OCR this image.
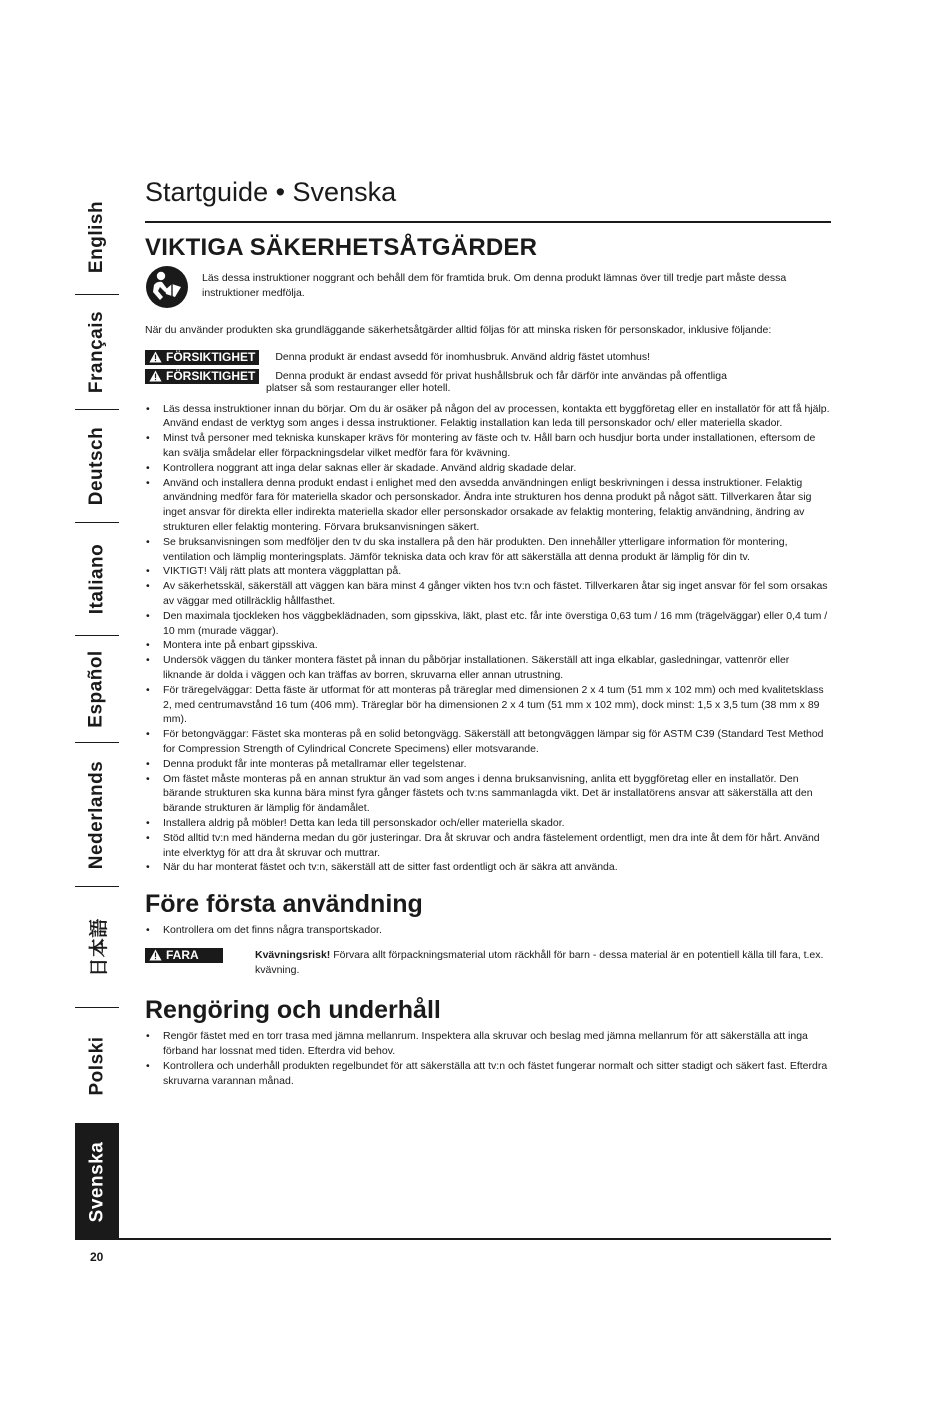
English
Français
Deutsch
Italiano
Español
Nederlands
日本語
Polski
Svenska
20
Startguide • Svenska
VIKTIGA SÄKERHETSÅTGÄRDER

Läs dessa instruktioner noggrant och behåll dem för framtida bruk. Om denna produkt lämnas över till tredje part måste dessa instruktioner medfölja.

När du använder produkten ska grundläggande säkerhetsåtgärder alltid följas för att minska risken för personskador, inklusive följande:

FÖRSIKTIGHET Denna produkt är endast avsedd för inomhusbruk. Använd aldrig fästet utomhus!
FÖRSIKTIGHET Denna produkt är endast avsedd för privat hushållsbruk och får därför inte användas på offentliga
platser så som restauranger eller hotell.
• Läs dessa instruktioner innan du börjar. Om du är osäker på någon del av processen, kontakta ett byggföretag eller en installatör för att få hjälp. Använd endast de verktyg som anges i dessa instruktioner. Felaktig installation kan leda till personskador och/ eller materiella skador.
• Minst två personer med tekniska kunskaper krävs för montering av fäste och tv. Håll barn och husdjur borta under installationen, eftersom de kan svälja smådelar eller förpackningsdelar vilket medför fara för kvävning.
• Kontrollera noggrant att inga delar saknas eller är skadade. Använd aldrig skadade delar.
• Använd och installera denna produkt endast i enlighet med den avsedda användningen enligt beskrivningen i dessa instruktioner. Felaktig användning medför fara för materiella skador och personskador. Ändra inte strukturen hos denna produkt på något sätt. Tillverkaren åtar sig inget ansvar för direkta eller indirekta materiella skador eller personskador orsakade av felaktig montering, felaktig användning, ändring av strukturen eller felaktig montering. Förvara bruksanvisningen säkert.
• Se bruksanvisningen som medföljer den tv du ska installera på den här produkten. Den innehåller ytterligare information för montering, ventilation och lämplig monteringsplats. Jämför tekniska data och krav för att säkerställa att denna produkt är lämplig för din tv.
• VIKTIGT! Välj rätt plats att montera väggplattan på.
• Av säkerhetsskäl, säkerställ att väggen kan bära minst 4 gånger vikten hos tv:n och fästet. Tillverkaren åtar sig inget ansvar för fel som orsakas av väggar med otillräcklig hållfasthet.
• Den maximala tjockleken hos väggbeklädnaden, som gipsskiva, läkt, plast etc. får inte överstiga 0,63 tum / 16 mm (trägelväggar) eller 0,4 tum / 10 mm (murade väggar).
• Montera inte på enbart gipsskiva.
• Undersök väggen du tänker montera fästet på innan du påbörjar installationen. Säkerställ att inga elkablar, gasledningar, vattenrör eller liknande är dolda i väggen och kan träffas av borren, skruvarna eller annan utrustning.
• För träregelväggar: Detta fäste är utformat för att monteras på träreglar med dimensionen 2 x 4 tum (51 mm x 102 mm) och med kvalitetsklass 2, med centrumavstånd 16 tum (406 mm). Träreglar bör ha dimensionen 2 x 4 tum (51 mm x 102 mm), dock minst: 1,5 x 3,5 tum (38 mm x 89 mm).
• För betongväggar: Fästet ska monteras på en solid betongvägg. Säkerställ att betongväggen lämpar sig för ASTM C39 (Standard Test Method for Compression Strength of Cylindrical Concrete Specimens) eller motsvarande.
• Denna produkt får inte monteras på metallramar eller tegelstenar.
• Om fästet måste monteras på en annan struktur än vad som anges i denna bruksanvisning, anlita ett byggföretag eller en installatör. Den bärande strukturen ska kunna bära minst fyra gånger fästets och tv:ns sammanlagda vikt. Det är installatörens ansvar att säkerställa att den bärande strukturen är lämplig för ändamålet.
• Installera aldrig på möbler! Detta kan leda till personskador och/eller materiella skador.
• Stöd alltid tv:n med händerna medan du gör justeringar. Dra åt skruvar och andra fästelement ordentligt, men dra inte åt dem för hårt. Använd inte elverktyg för att dra åt skruvar och muttrar.
• När du har monterat fästet och tv:n, säkerställ att de sitter fast ordentligt och är säkra att använda.
Före första användning
• Kontrollera om det finns några transportskador.
FARA	Kvävningsrisk! Förvara allt förpackningsmaterial utom räckhåll för barn - dessa material är en potentiell källa till fara, t.ex. kvävning.
Rengöring och underhåll
• Rengör fästet med en torr trasa med jämna mellanrum. Inspektera alla skruvar och beslag med jämna mellanrum för att säkerställa att inga förband har lossnat med tiden. Efterdra vid behov.
• Kontrollera och underhåll produkten regelbundet för att säkerställa att tv:n och fästet fungerar normalt och sitter stadigt och säkert fast. Efterdra skruvarna varannan månad.
